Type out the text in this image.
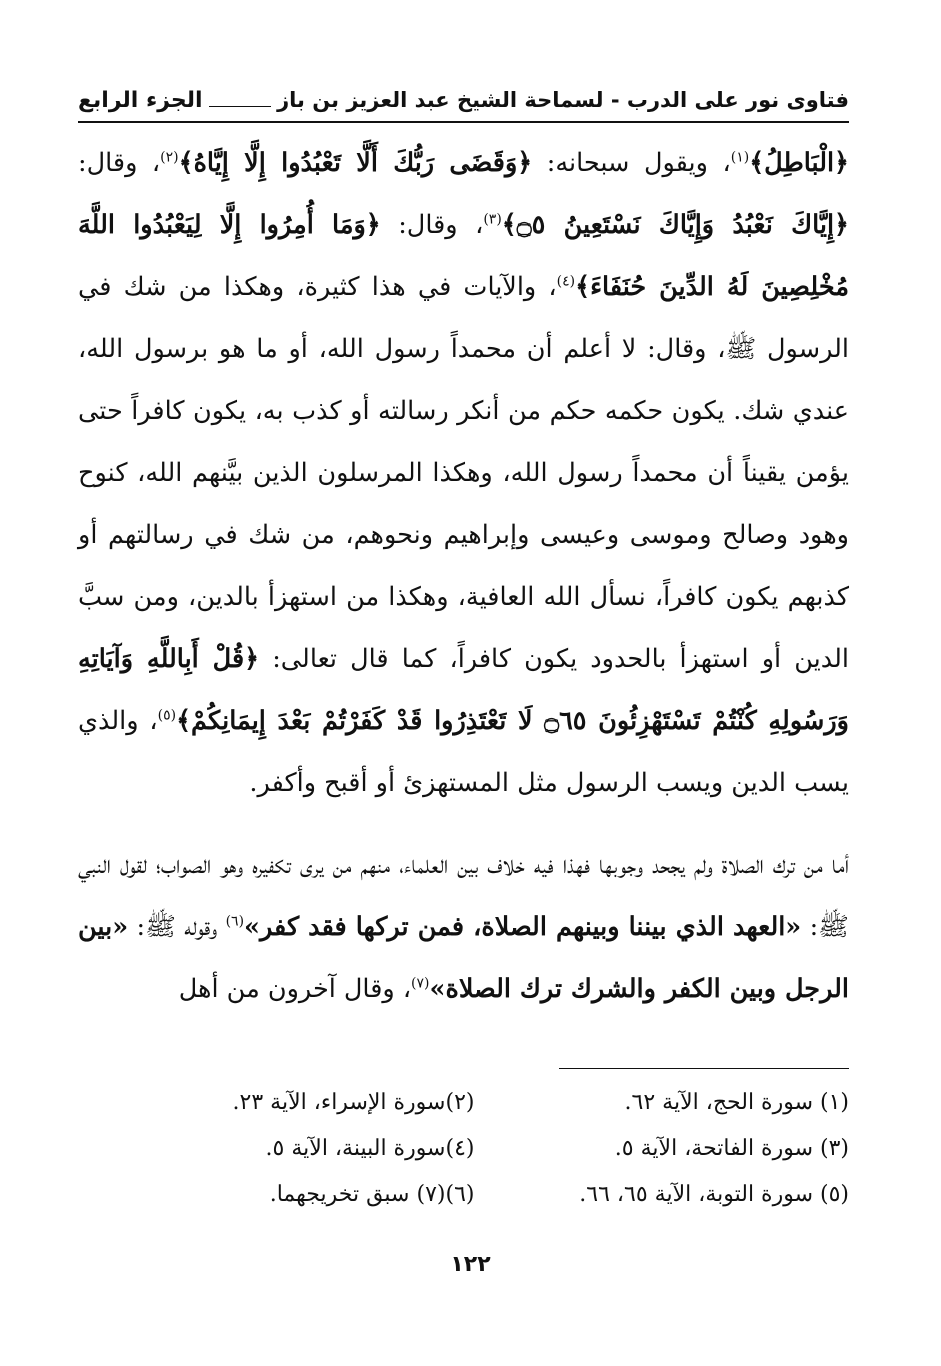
فتاوى نور على الدرب - لسماحة الشيخ عبد العزيز بن باز
الجزء الرابع

﴿الْبَاطِلُ﴾$^{(١)}$، ويقول سبحانه: ﴿وَقَضَى رَبُّكَ أَلَّا تَعْبُدُوا إِلَّا إِيَّاهُ﴾$^{(٢)}$، وقال: ﴿إِيَّاكَ نَعْبُدُ وَإِيَّاكَ نَسْتَعِينُ ۝٥﴾$^{(٣)}$، وقال: ﴿وَمَا أُمِرُوا إِلَّا لِيَعْبُدُوا اللَّهَ مُخْلِصِينَ لَهُ الدِّينَ حُنَفَاءَ﴾$^{(٤)}$، والآيات في هذا كثيرة، وهكذا من شك في الرسول ﷺ، وقال: لا أعلم أن محمداً رسول الله، أو ما هو برسول الله، عندي شك. يكون حكمه حكم من أنكر رسالته أو كذب به، يكون كافراً حتى يؤمن يقيناً أن محمداً رسول الله، وهكذا المرسلون الذين بيَّنهم الله، كنوح وهود وصالح وموسى وعيسى وإبراهيم ونحوهم، من شك في رسالتهم أو كذبهم يكون كافراً، نسأل الله العافية، وهكذا من استهزأ بالدين، ومن سبَّ الدين أو استهزأ بالحدود يكون كافراً، كما قال تعالى: ﴿قُلْ أَبِاللَّهِ وَآيَاتِهِ وَرَسُولِهِ كُنْتُمْ تَسْتَهْزِئُونَ ۝٦٥ لَا تَعْتَذِرُوا قَدْ كَفَرْتُمْ بَعْدَ إِيمَانِكُمْ﴾$^{(٥)}$، والذي يسب الدين ويسب الرسول مثل المستهزئ أو أقبح وأكفر.

أما من ترك الصلاة ولم يجحد وجوبها فهذا فيه خلاف بين العلماء، منهم من يرى تكفيره وهو الصواب؛ لقول النبي ﷺ: «العهد الذي بيننا وبينهم الصلاة، فمن تركها فقد كفر»$^{(٦)}$ وقوله ﷺ: «بين الرجل وبين الكفر والشرك ترك الصلاة»$^{(٧)}$، وقال آخرون من أهل

(١) سورة الحج، الآية ٦٢.
(٢)سورة الإسراء، الآية ٢٣.
(٣) سورة الفاتحة، الآية ٥.
(٤)سورة البينة، الآية ٥.
(٥) سورة التوبة، الآية ٦٥، ٦٦.
(٦)(٧) سبق تخريجهما.
١٢٢
